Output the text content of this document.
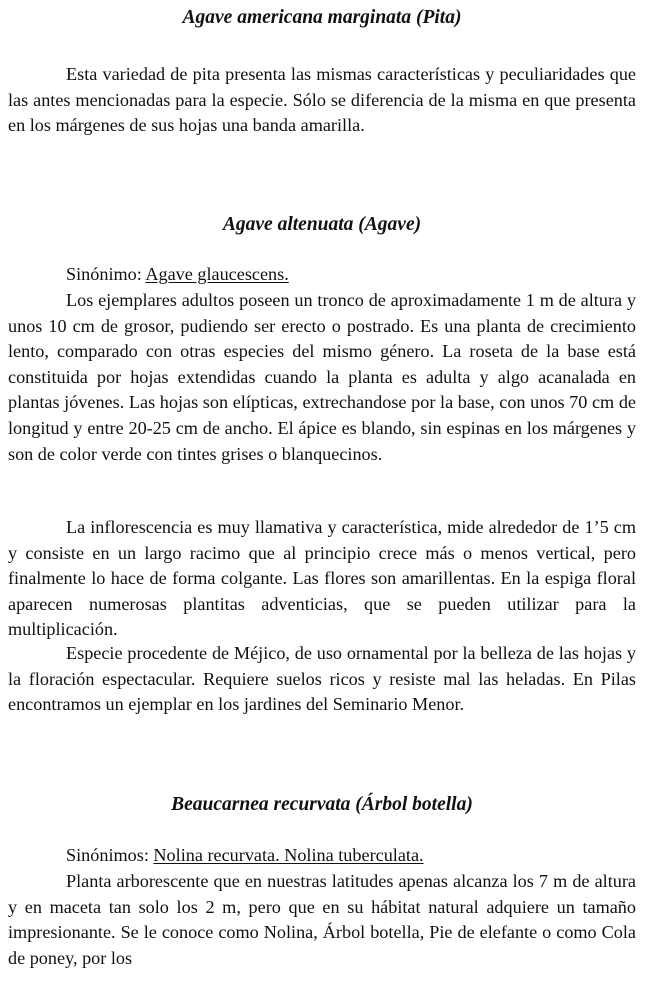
Agave americana marginata (Pita)

Esta variedad de pita presenta las mismas características y peculiaridades que las antes mencionadas para la especie. Sólo se diferencia de la misma en que presenta en los márgenes de sus hojas una banda amarilla.

Agave altenuata (Agave)

Sinónimo: Agave glaucescens.

Los ejemplares adultos poseen un tronco de aproximadamente 1 m de altura y unos 10 cm de grosor, pudiendo ser erecto o postrado. Es una planta de crecimiento lento, comparado con otras especies del mismo género. La roseta de la base está constituida por hojas extendidas cuando la planta es adulta y algo acanalada en plantas jóvenes. Las hojas son elípticas, extrechandose por la base, con unos 70 cm de longitud y entre 20-25 cm de ancho. El ápice es blando, sin espinas en los márgenes y son de color verde con tintes grises o blanquecinos.

La inflorescencia es muy llamativa y característica, mide alrededor de 1’5 cm y consiste en un largo racimo que al principio crece más o menos vertical, pero finalmente lo hace de forma colgante. Las flores son amarillentas. En la espiga floral aparecen numerosas plantitas adventicias, que se pueden utilizar para la multiplicación.

Especie procedente de Méjico, de uso ornamental por la belleza de las hojas y la floración espectacular. Requiere suelos ricos y resiste mal las heladas. En Pilas encontramos un ejemplar en los jardines del Seminario Menor.

Beaucarnea recurvata (Árbol botella)

Sinónimos: Nolina recurvata. Nolina tuberculata.

Planta arborescente que en nuestras latitudes apenas alcanza los 7 m de altura y en maceta tan solo los 2 m, pero que en su hábitat natural adquiere un tamaño impresionante. Se le conoce como Nolina, Árbol botella, Pie de elefante o como Cola de poney, por los
